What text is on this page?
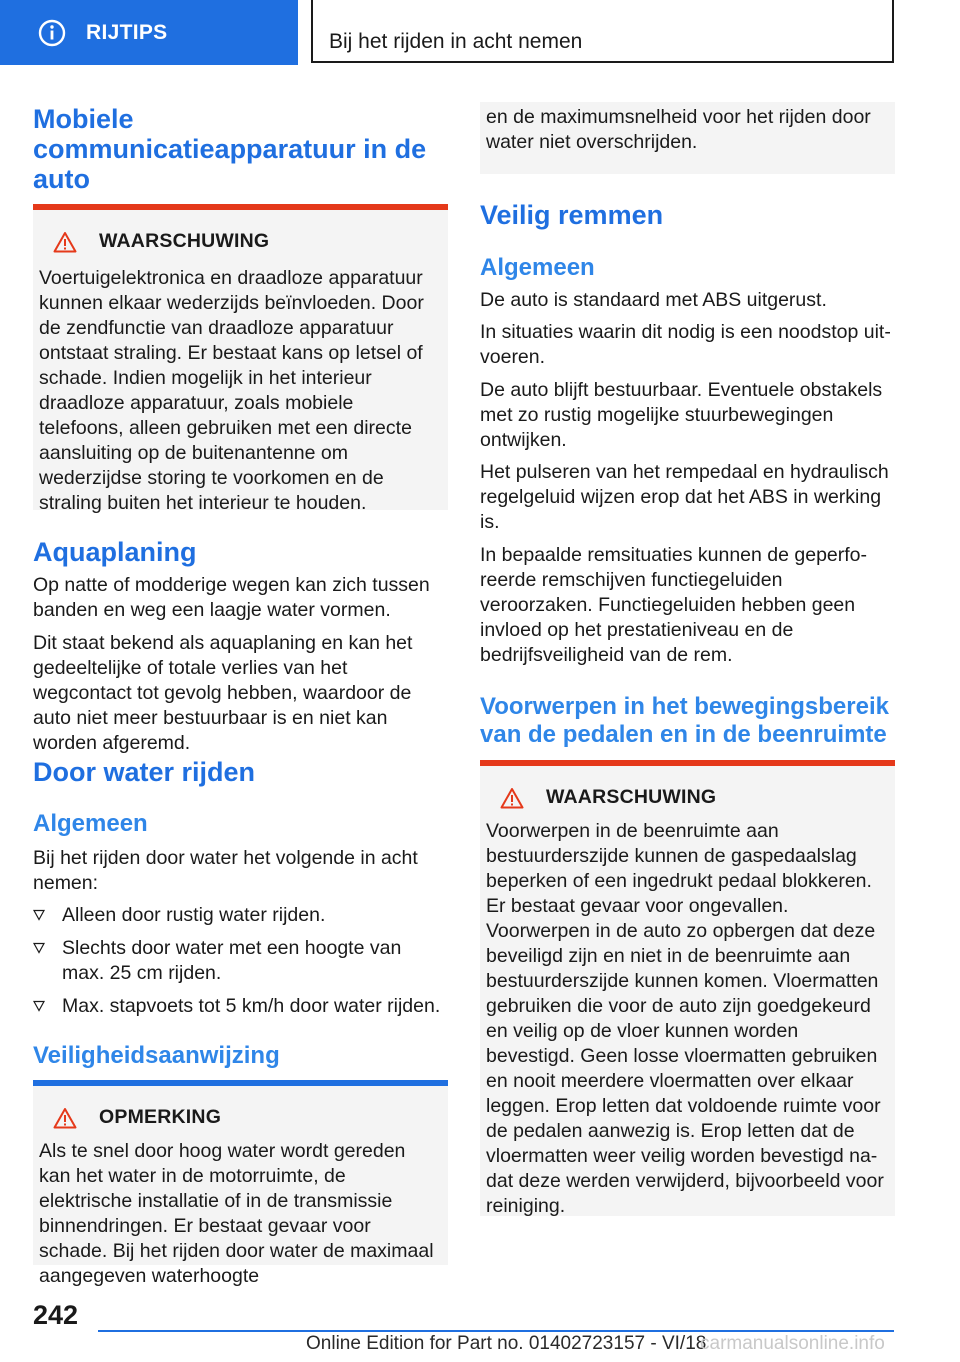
RIJTIPS	Bij het rijden in acht nemen
Mobiele communicatieapparatuur in de auto
WAARSCHUWING

Voertuigelektronica en draadloze apparatuur kunnen elkaar wederzijds beïnvloeden. Door de zendfunctie van draadloze apparatuur ontstaat straling. Er bestaat kans op letsel of schade. Indien mogelijk in het interieur draadloze apparatuur, zoals mobiele telefoons, alleen gebruiken met een directe aansluiting op de buitenantenne om wederzijdse storing te voorkomen en de straling buiten het interieur te houden.

Aquaplaning

Op natte of modderige wegen kan zich tussen banden en weg een laagje water vormen.

Dit staat bekend als aquaplaning en kan het gedeeltelijke of totale verlies van het wegcontact tot gevolg hebben, waardoor de auto niet meer bestuurbaar is en niet kan worden afgeremd.

Door water rijden
Algemeen

Bij het rijden door water het volgende in acht nemen:

Alleen door rustig water rijden.
Slechts door water met een hoogte van max. 25 cm rijden.
Max. stapvoets tot 5 km/h door water rijden.
Veiligheidsaanwijzing
OPMERKING

Als te snel door hoog water wordt gereden kan het water in de motorruimte, de elektrische installatie of in de transmissie binnendringen. Er bestaat gevaar voor schade. Bij het rijden door water de maximaal aangegeven waterhoogte

en de maximumsnelheid voor het rijden door water niet overschrijden.

Veilig remmen
Algemeen

De auto is standaard met ABS uitgerust.

In situaties waarin dit nodig is een noodstop uitvoeren.

De auto blijft bestuurbaar. Eventuele obstakels met zo rustig mogelijke stuurbewegingen ontwijken.

Het pulseren van het rempedaal en hydraulisch regelgeluid wijzen erop dat het ABS in werking is.

In bepaalde remsituaties kunnen de geperforeerde remschijven functiegeluiden veroorzaken. Functiegeluiden hebben geen invloed op het prestatieniveau en de bedrijfsveiligheid van de rem.

Voorwerpen in het bewegingsbereik van de pedalen en in de beenruimte
WAARSCHUWING

Voorwerpen in de beenruimte aan bestuurderszijde kunnen de gaspedaalslag beperken of een ingedrukt pedaal blokkeren. Er bestaat gevaar voor ongevallen. Voorwerpen in de auto zo opbergen dat deze beveiligd zijn en niet in de beenruimte aan bestuurderszijde kunnen komen. Vloermatten gebruiken die voor de auto zijn goedgekeurd en veilig op de vloer kunnen worden bevestigd. Geen losse vloermatten gebruiken en nooit meerdere vloermatten over elkaar leggen. Erop letten dat voldoende ruimte voor de pedalen aanwezig is. Erop letten dat de vloermatten weer veilig worden bevestigd nadat deze werden verwijderd, bijvoorbeeld voor reiniging.

242
Online Edition for Part no. 01402723157 - VI/18
carmanualsonline.info
